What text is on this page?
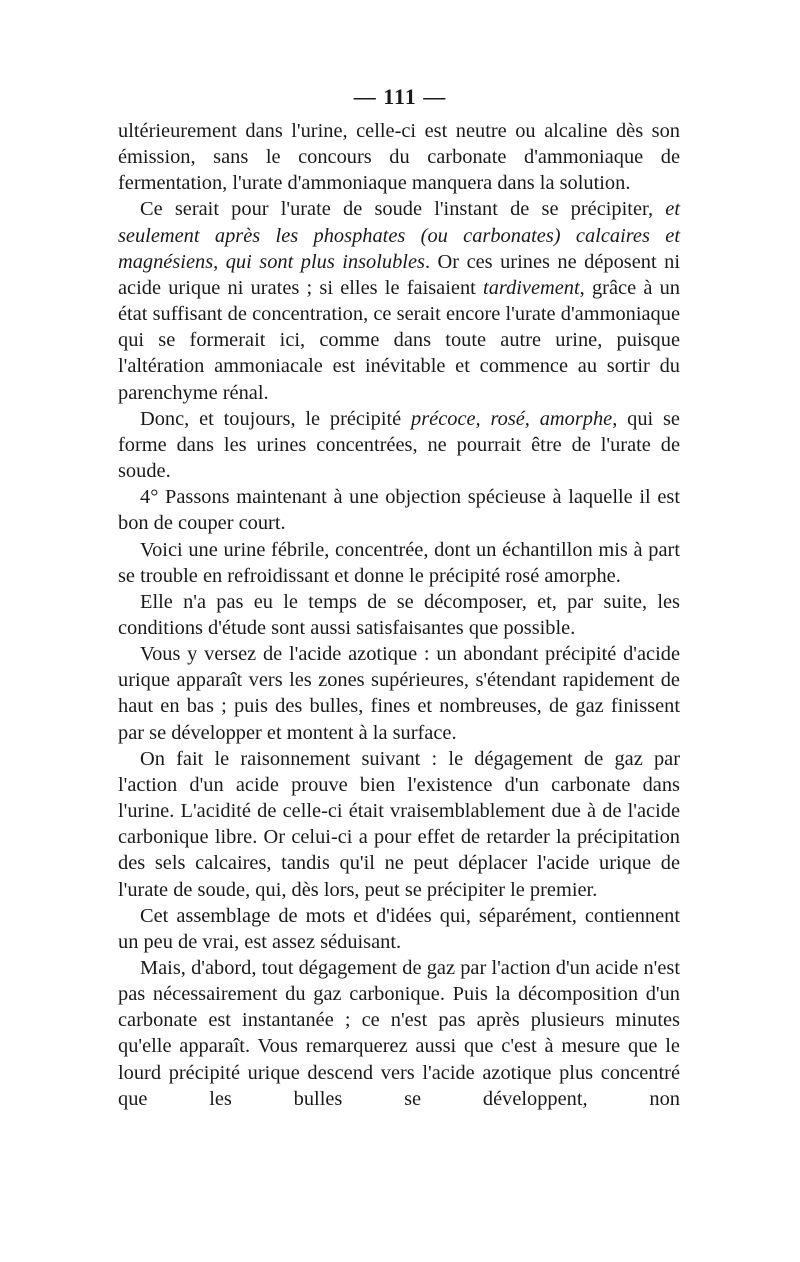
— 111 —

ultérieurement dans l'urine, celle-ci est neutre ou alcaline dès son émission, sans le concours du carbonate d'ammoniaque de fermentation, l'urate d'ammoniaque manquera dans la solution.

Ce serait pour l'urate de soude l'instant de se précipiter, et seulement après les phosphates (ou carbonates) calcaires et magnésiens, qui sont plus insolubles. Or ces urines ne déposent ni acide urique ni urates ; si elles le faisaient tardivement, grâce à un état suffisant de concentration, ce serait encore l'urate d'ammoniaque qui se formerait ici, comme dans toute autre urine, puisque l'altération ammoniacale est inévitable et commence au sortir du parenchyme rénal.

Donc, et toujours, le précipité précoce, rosé, amorphe, qui se forme dans les urines concentrées, ne pourrait être de l'urate de soude.

4° Passons maintenant à une objection spécieuse à laquelle il est bon de couper court.

Voici une urine fébrile, concentrée, dont un échantillon mis à part se trouble en refroidissant et donne le précipité rosé amorphe.

Elle n'a pas eu le temps de se décomposer, et, par suite, les conditions d'étude sont aussi satisfaisantes que possible.

Vous y versez de l'acide azotique : un abondant précipité d'acide urique apparaît vers les zones supérieures, s'étendant rapidement de haut en bas ; puis des bulles, fines et nombreuses, de gaz finissent par se développer et montent à la surface.

On fait le raisonnement suivant : le dégagement de gaz par l'action d'un acide prouve bien l'existence d'un carbonate dans l'urine. L'acidité de celle-ci était vraisemblablement due à de l'acide carbonique libre. Or celui-ci a pour effet de retarder la précipitation des sels calcaires, tandis qu'il ne peut déplacer l'acide urique de l'urate de soude, qui, dès lors, peut se précipiter le premier.

Cet assemblage de mots et d'idées qui, séparément, contiennent un peu de vrai, est assez séduisant.

Mais, d'abord, tout dégagement de gaz par l'action d'un acide n'est pas nécessairement du gaz carbonique. Puis la décomposition d'un carbonate est instantanée ; ce n'est pas après plusieurs minutes qu'elle apparaît. Vous remarquerez aussi que c'est à mesure que le lourd précipité urique descend vers l'acide azotique plus concentré que les bulles se développent, non
